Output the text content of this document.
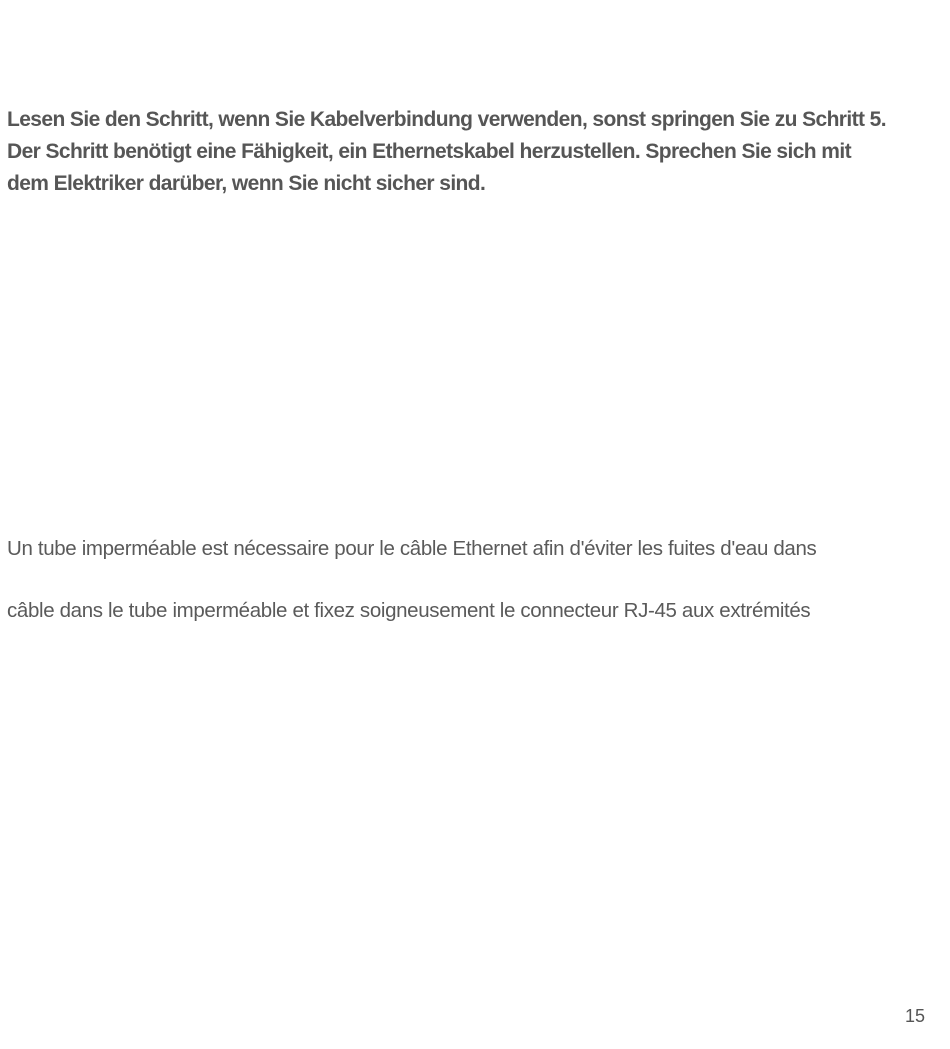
Lesen Sie den Schritt, wenn Sie Kabelverbindung verwenden, sonst springen Sie zu Schritt 5.
Der Schritt benötigt eine Fähigkeit, ein Ethernetskabel herzustellen. Sprechen Sie sich mit
dem Elektriker darüber, wenn Sie nicht sicher sind.
Un tube imperméable est nécessaire pour le câble Ethernet afin d'éviter les fuites d'eau dans
câble dans le tube imperméable et fixez soigneusement le connecteur RJ-45 aux extrémités
15
